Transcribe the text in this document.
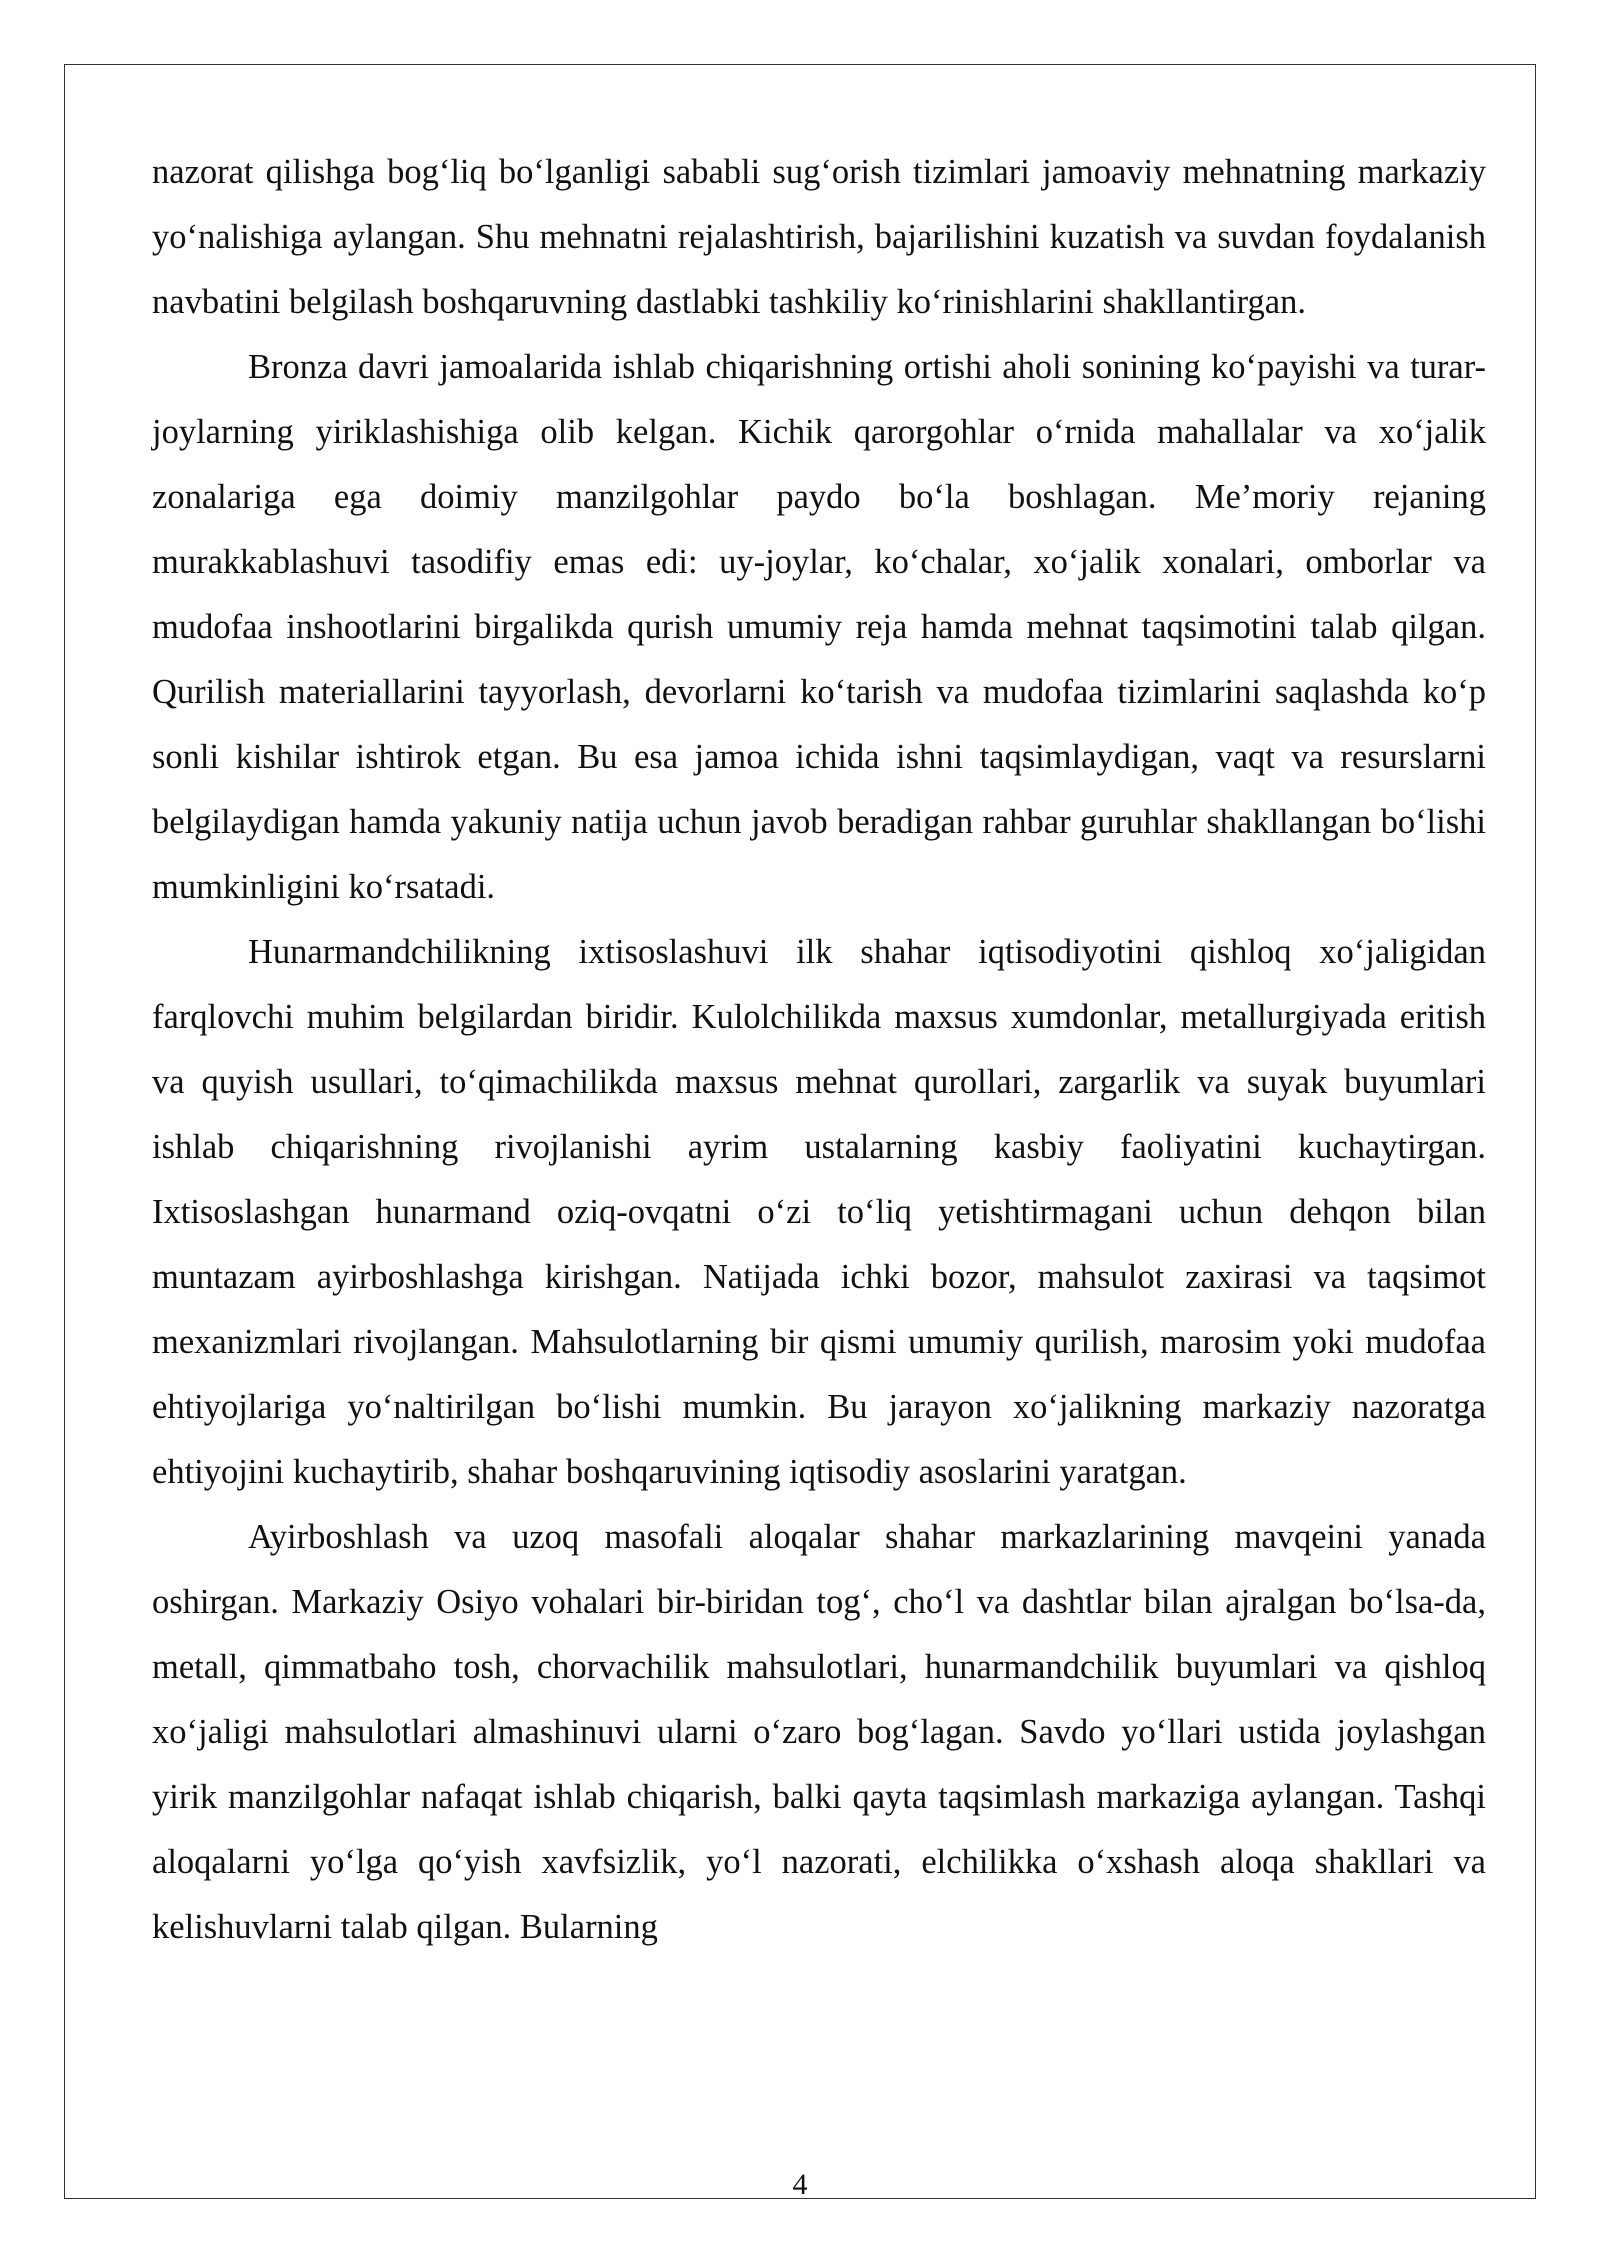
nazorat qilishga bog‘liq bo‘lganligi sababli sug‘orish tizimlari jamoaviy mehnatning markaziy yo‘nalishiga aylangan. Shu mehnatni rejalashtirish, bajarilishini kuzatish va suvdan foydalanish navbatini belgilash boshqaruvning dastlabki tashkiliy ko‘rinishlarini shakllantirgan.

Bronza davri jamoalarida ishlab chiqarishning ortishi aholi sonining ko‘payishi va turar-joylarning yiriklashishiga olib kelgan. Kichik qarorgohlar o‘rnida mahallalar va xo‘jalik zonalariga ega doimiy manzilgohlar paydo bo‘la boshlagan. Me’moriy rejaning murakkablashuvi tasodifiy emas edi: uy-joylar, ko‘chalar, xo‘jalik xonalari, omborlar va mudofaa inshootlarini birgalikda qurish umumiy reja hamda mehnat taqsimotini talab qilgan. Qurilish materiallarini tayyorlash, devorlarni ko‘tarish va mudofaa tizimlarini saqlashda ko‘p sonli kishilar ishtirok etgan. Bu esa jamoa ichida ishni taqsimlaydigan, vaqt va resurslarni belgilaydigan hamda yakuniy natija uchun javob beradigan rahbar guruhlar shakllangan bo‘lishi mumkinligini ko‘rsatadi.

Hunarmandchilikning ixtisoslashuvi ilk shahar iqtisodiyotini qishloq xo‘jaligidan farqlovchi muhim belgilardan biridir. Kulolchilikda maxsus xumdonlar, metallurgiyada eritish va quyish usullari, to‘qimachilikda maxsus mehnat qurollari, zargarlik va suyak buyumlari ishlab chiqarishning rivojlanishi ayrim ustalarning kasbiy faoliyatini kuchaytirgan. Ixtisoslashgan hunarmand oziq-ovqatni o‘zi to‘liq yetishtirmagani uchun dehqon bilan muntazam ayirboshlashga kirishgan. Natijada ichki bozor, mahsulot zaxirasi va taqsimot mexanizmlari rivojlangan. Mahsulotlarning bir qismi umumiy qurilish, marosim yoki mudofaa ehtiyojlariga yo‘naltirilgan bo‘lishi mumkin. Bu jarayon xo‘jalikning markaziy nazoratga ehtiyojini kuchaytirib, shahar boshqaruvining iqtisodiy asoslarini yaratgan.

Ayirboshlash va uzoq masofali aloqalar shahar markazlarining mavqeini yanada oshirgan. Markaziy Osiyo vohalari bir-biridan tog‘, cho‘l va dashtlar bilan ajralgan bo‘lsa-da, metall, qimmatbaho tosh, chorvachilik mahsulotlari, hunarmandchilik buyumlari va qishloq xo‘jaligi mahsulotlari almashinuvi ularni o‘zaro bog‘lagan. Savdo yo‘llari ustida joylashgan yirik manzilgohlar nafaqat ishlab chiqarish, balki qayta taqsimlash markaziga aylangan. Tashqi aloqalarni yo‘lga qo‘yish xavfsizlik, yo‘l nazorati, elchilikka o‘xshash aloqa shakllari va kelishuvlarni talab qilgan. Bularning

4
